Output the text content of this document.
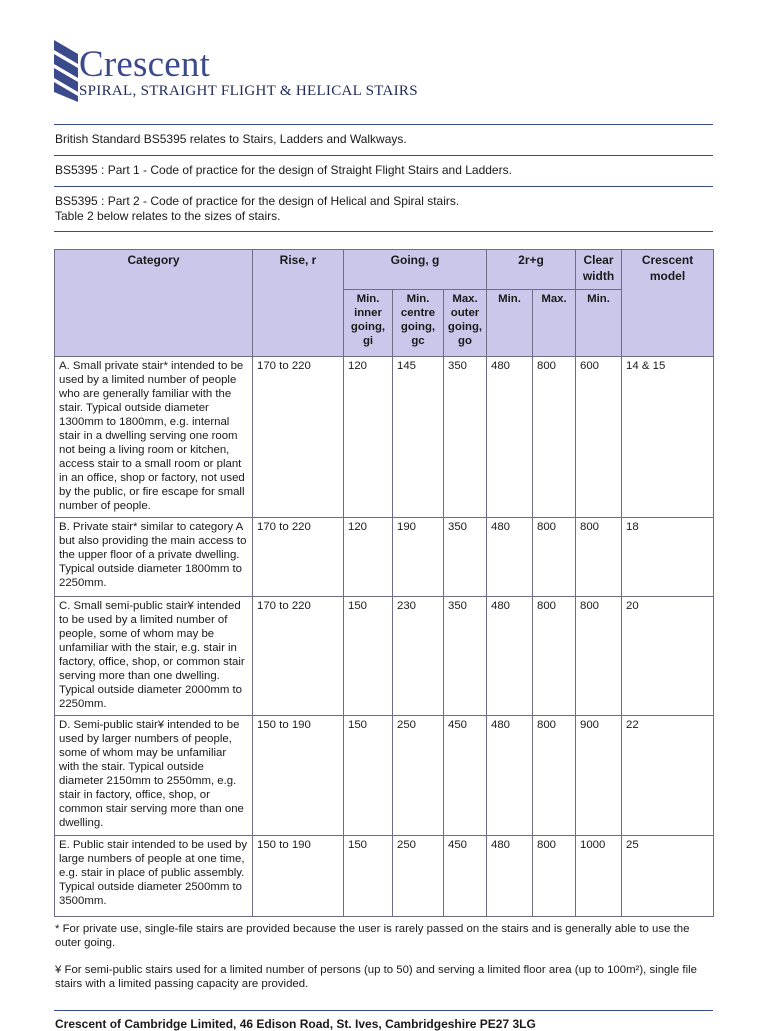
Crescent
SPIRAL, STRAIGHT FLIGHT & HELICAL STAIRS
British Standard BS5395 relates to Stairs, Ladders and Walkways.
BS5395 : Part 1 - Code of practice for the design of Straight Flight Stairs and Ladders.
BS5395 : Part 2 - Code of practice for the design of Helical and Spiral stairs.
Table 2 below relates to the sizes of stairs.
Category	Rise, r	Going, g			2r+g		Clear width	Crescent model
		Min. inner going, gi	Min. centre going, gc	Max. outer going, go	Min.	Max.	Min.	
A. Small private stair* intended to be used by a limited number of people who are generally familiar with the stair. Typical outside diameter 1300mm to 1800mm, e.g. internal stair in a dwelling serving one room not being a living room or kitchen, access stair to a small room or plant in an office, shop or factory, not used by the public, or fire escape for small number of people.	170 to 220	120	145	350	480	800	600	14 & 15
B. Private stair* similar to category A but also providing the main access to the upper floor of a private dwelling. Typical outside diameter 1800mm to 2250mm.	170 to 220	120	190	350	480	800	800	18
C. Small semi-public stair¥ intended to be used by a limited number of people, some of whom may be unfamiliar with the stair, e.g. stair in factory, office, shop, or common stair serving more than one dwelling. Typical outside diameter 2000mm to 2250mm.	170 to 220	150	230	350	480	800	800	20
D. Semi-public stair¥ intended to be used by larger numbers of people, some of whom may be unfamiliar with the stair. Typical outside diameter 2150mm to 2550mm, e.g. stair in factory, office, shop, or common stair serving more than one dwelling.	150 to 190	150	250	450	480	800	900	22
E. Public stair intended to be used by large numbers of people at one time, e.g. stair in place of public assembly. Typical outside diameter 2500mm to 3500mm.	150 to 190	150	250	450	480	800	1000	25
* For private use, single-file stairs are provided because the user is rarely passed on the stairs and is generally able to use the outer going.
¥ For semi-public stairs used for a limited number of persons (up to 50) and serving a limited floor area (up to 100m²), single file stairs with a limited passing capacity are provided.
Crescent of Cambridge Limited, 46 Edison Road, St. Ives, Cambridgeshire PE27 3LG
